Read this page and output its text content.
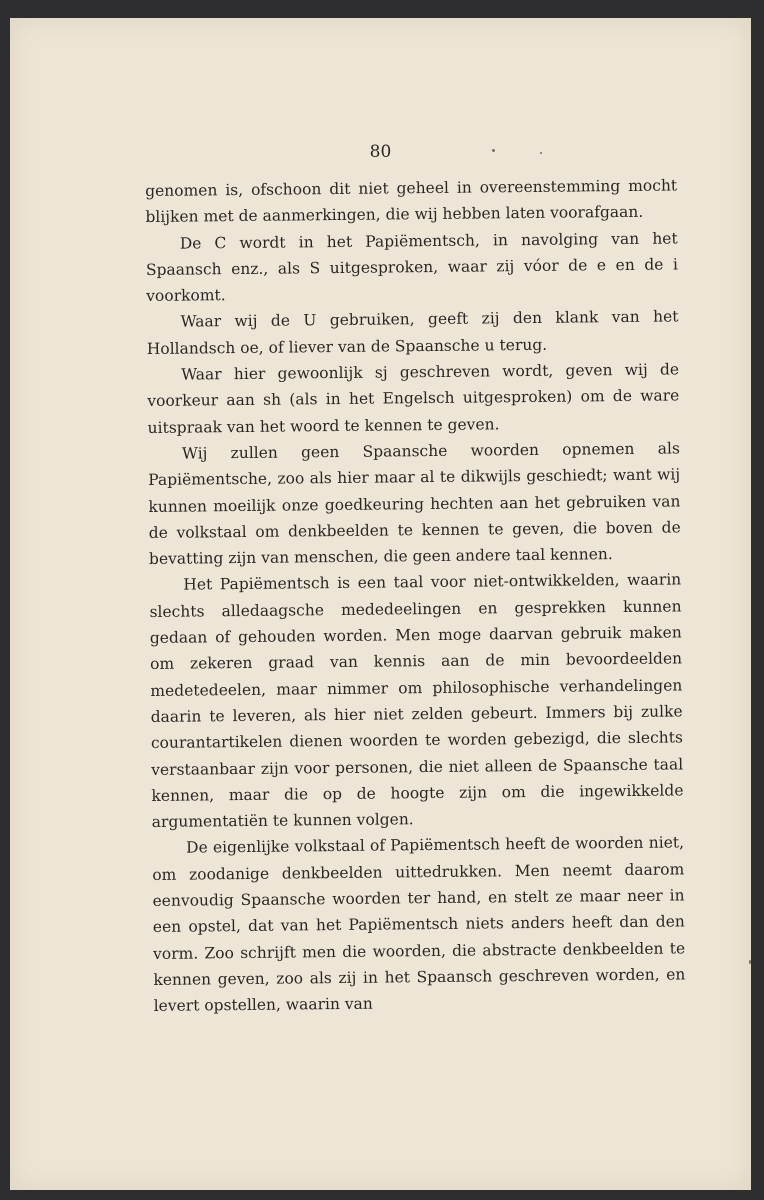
80

genomen is, ofschoon dit niet geheel in overeenstemming mocht blijken met de aanmerkingen, die wij hebben laten voorafgaan.

De C wordt in het Papiëmentsch, in navolging van het Spaansch enz., als S uitgesproken, waar zij vóor de e en de i voorkomt.

Waar wij de U gebruiken, geeft zij den klank van het Hollandsch oe, of liever van de Spaansche u terug.

Waar hier gewoonlijk sj geschreven wordt, geven wij de voorkeur aan sh (als in het Engelsch uitgesproken) om de ware uitspraak van het woord te kennen te geven.

Wij zullen geen Spaansche woorden opnemen als Papiëmentsche, zoo als hier maar al te dikwijls geschiedt; want wij kunnen moeilijk onze goedkeuring hechten aan het gebruiken van de volkstaal om denkbeelden te kennen te geven, die boven de bevatting zijn van menschen, die geen andere taal kennen.

Het Papiëmentsch is een taal voor niet-ontwikkelden, waarin slechts alledaagsche mededeelingen en gesprekken kunnen gedaan of gehouden worden. Men moge daarvan gebruik maken om zekeren graad van kennis aan de min bevoordeelden medetedeelen, maar nimmer om philosophische verhandelingen daarin te leveren, als hier niet zelden gebeurt. Immers bij zulke courantartikelen dienen woorden te worden gebezigd, die slechts verstaanbaar zijn voor personen, die niet alleen de Spaansche taal kennen, maar die op de hoogte zijn om die ingewikkelde argumentatiën te kunnen volgen.

De eigenlijke volkstaal of Papiëmentsch heeft de woorden niet, om zoodanige denkbeelden uittedrukken. Men neemt daarom eenvoudig Spaansche woorden ter hand, en stelt ze maar neer in een opstel, dat van het Papiëmentsch niets anders heeft dan den vorm. Zoo schrijft men die woorden, die abstracte denkbeelden te kennen geven, zoo als zij in het Spaansch geschreven worden, en levert opstellen, waarin van
